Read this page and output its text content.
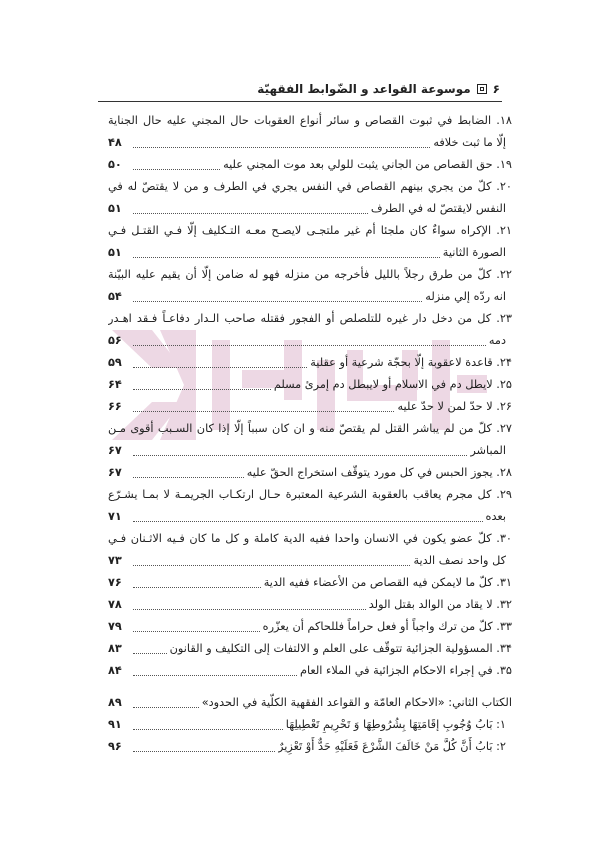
۶
موسوعة القواعد و الضّوابط الفقهيّة
۱۸. الضابط في ثبوت القصاص و سائر أنواع العقوبات حال المجني عليه حال الجناية
إلّا ما ثبت خلافه
۴۸
۱۹. حق القصاص من الجاني يثبت للولي بعد موت المجني عليه
۵۰
۲۰. كلّ من يجري بينهم القصاص في النفس يجري في الطرف و من لا يقتصّ له في
النفس لايقتصّ له في الطرف
۵۱
۲۱. الإكراه سواءٌ كان ملجئا أم غير ملتجـى لايصـح معـه التـكليف إلّا فـي القتـل فـي
الصورة الثانية
۵۱
۲۲. كلّ من طرق رجلاً بالليل فأخرجه من منزله فهو له ضامن إلّا أن يقيم عليه البيّنة
انه ردّه إلي منزله
۵۴
۲۳. كل من دخل دار غيره للتلصلص أو الفجور فقتله صاحب الـدار دفاعـاً فـقد اهـدر
دمه
۵۶
۲۴. قاعدة لاعقوبة إلّا بحجّة شرعية أو عقلية
۵۹
۲۵. لايطل دم في الاسلام أو لايبطل دم إمرئ مسلم
۶۴
۲۶. لا حدّ لمن لا حدّ عليه
۶۶
۲۷. كلّ من لم يباشر القتل لم يقتصّ منه و ان كان سبباً إلّا إذا كان السـبب أقوى مـن
المباشر
۶۷
۲۸. يجوز الحبس في كل مورد يتوقّف استخراج الحقّ عليه
۶۷
۲۹. كل مجرم يعاقب بالعقوبة الشرعية المعتبرة حـال ارتكـاب الجريمـة لا بمـا يشـرّع
بعده
۷۱
۳۰. كلّ عضو يكون في الانسان واحدا ففيه الدية كاملة و كل ما كان فـيه الاثـنان فـي
كل واحد نصف الدية
۷۳
۳۱. كلّ ما لايمكن فيه القصاص من الأعضاء ففيه الدية
۷۶
۳۲. لا يقاد من الوالد بقتل الولد
۷۸
۳۳. كلّ من ترك واجباً أو فعل حراماً فللحاكم أن يعزّره
۷۹
۳۴. المسؤولية الجزائية تتوقّف على العلم و الالتفات إلى التكليف و القانون
۸۳
۳۵. في إجراء الاحكام الجزائية في الملاء العام
۸۴
الكتاب الثاني: «الاحكام العامّة و القواعد الفقهية الكلّية في الحدود»
۸۹
۱: بَابُ وُجُوبِ إقَامَتِهَا بِشُرُوطِهَا وَ تَحْرِيمِ تَعْطِيلِهَا
۹۱
۲: بَابُ أَنَّ كُلَّ مَنْ خَالَفَ الشَّرْعَ فَعَلَيْهِ حَدٌّ أَوْ تَعْزِيرٌ
۹۶
